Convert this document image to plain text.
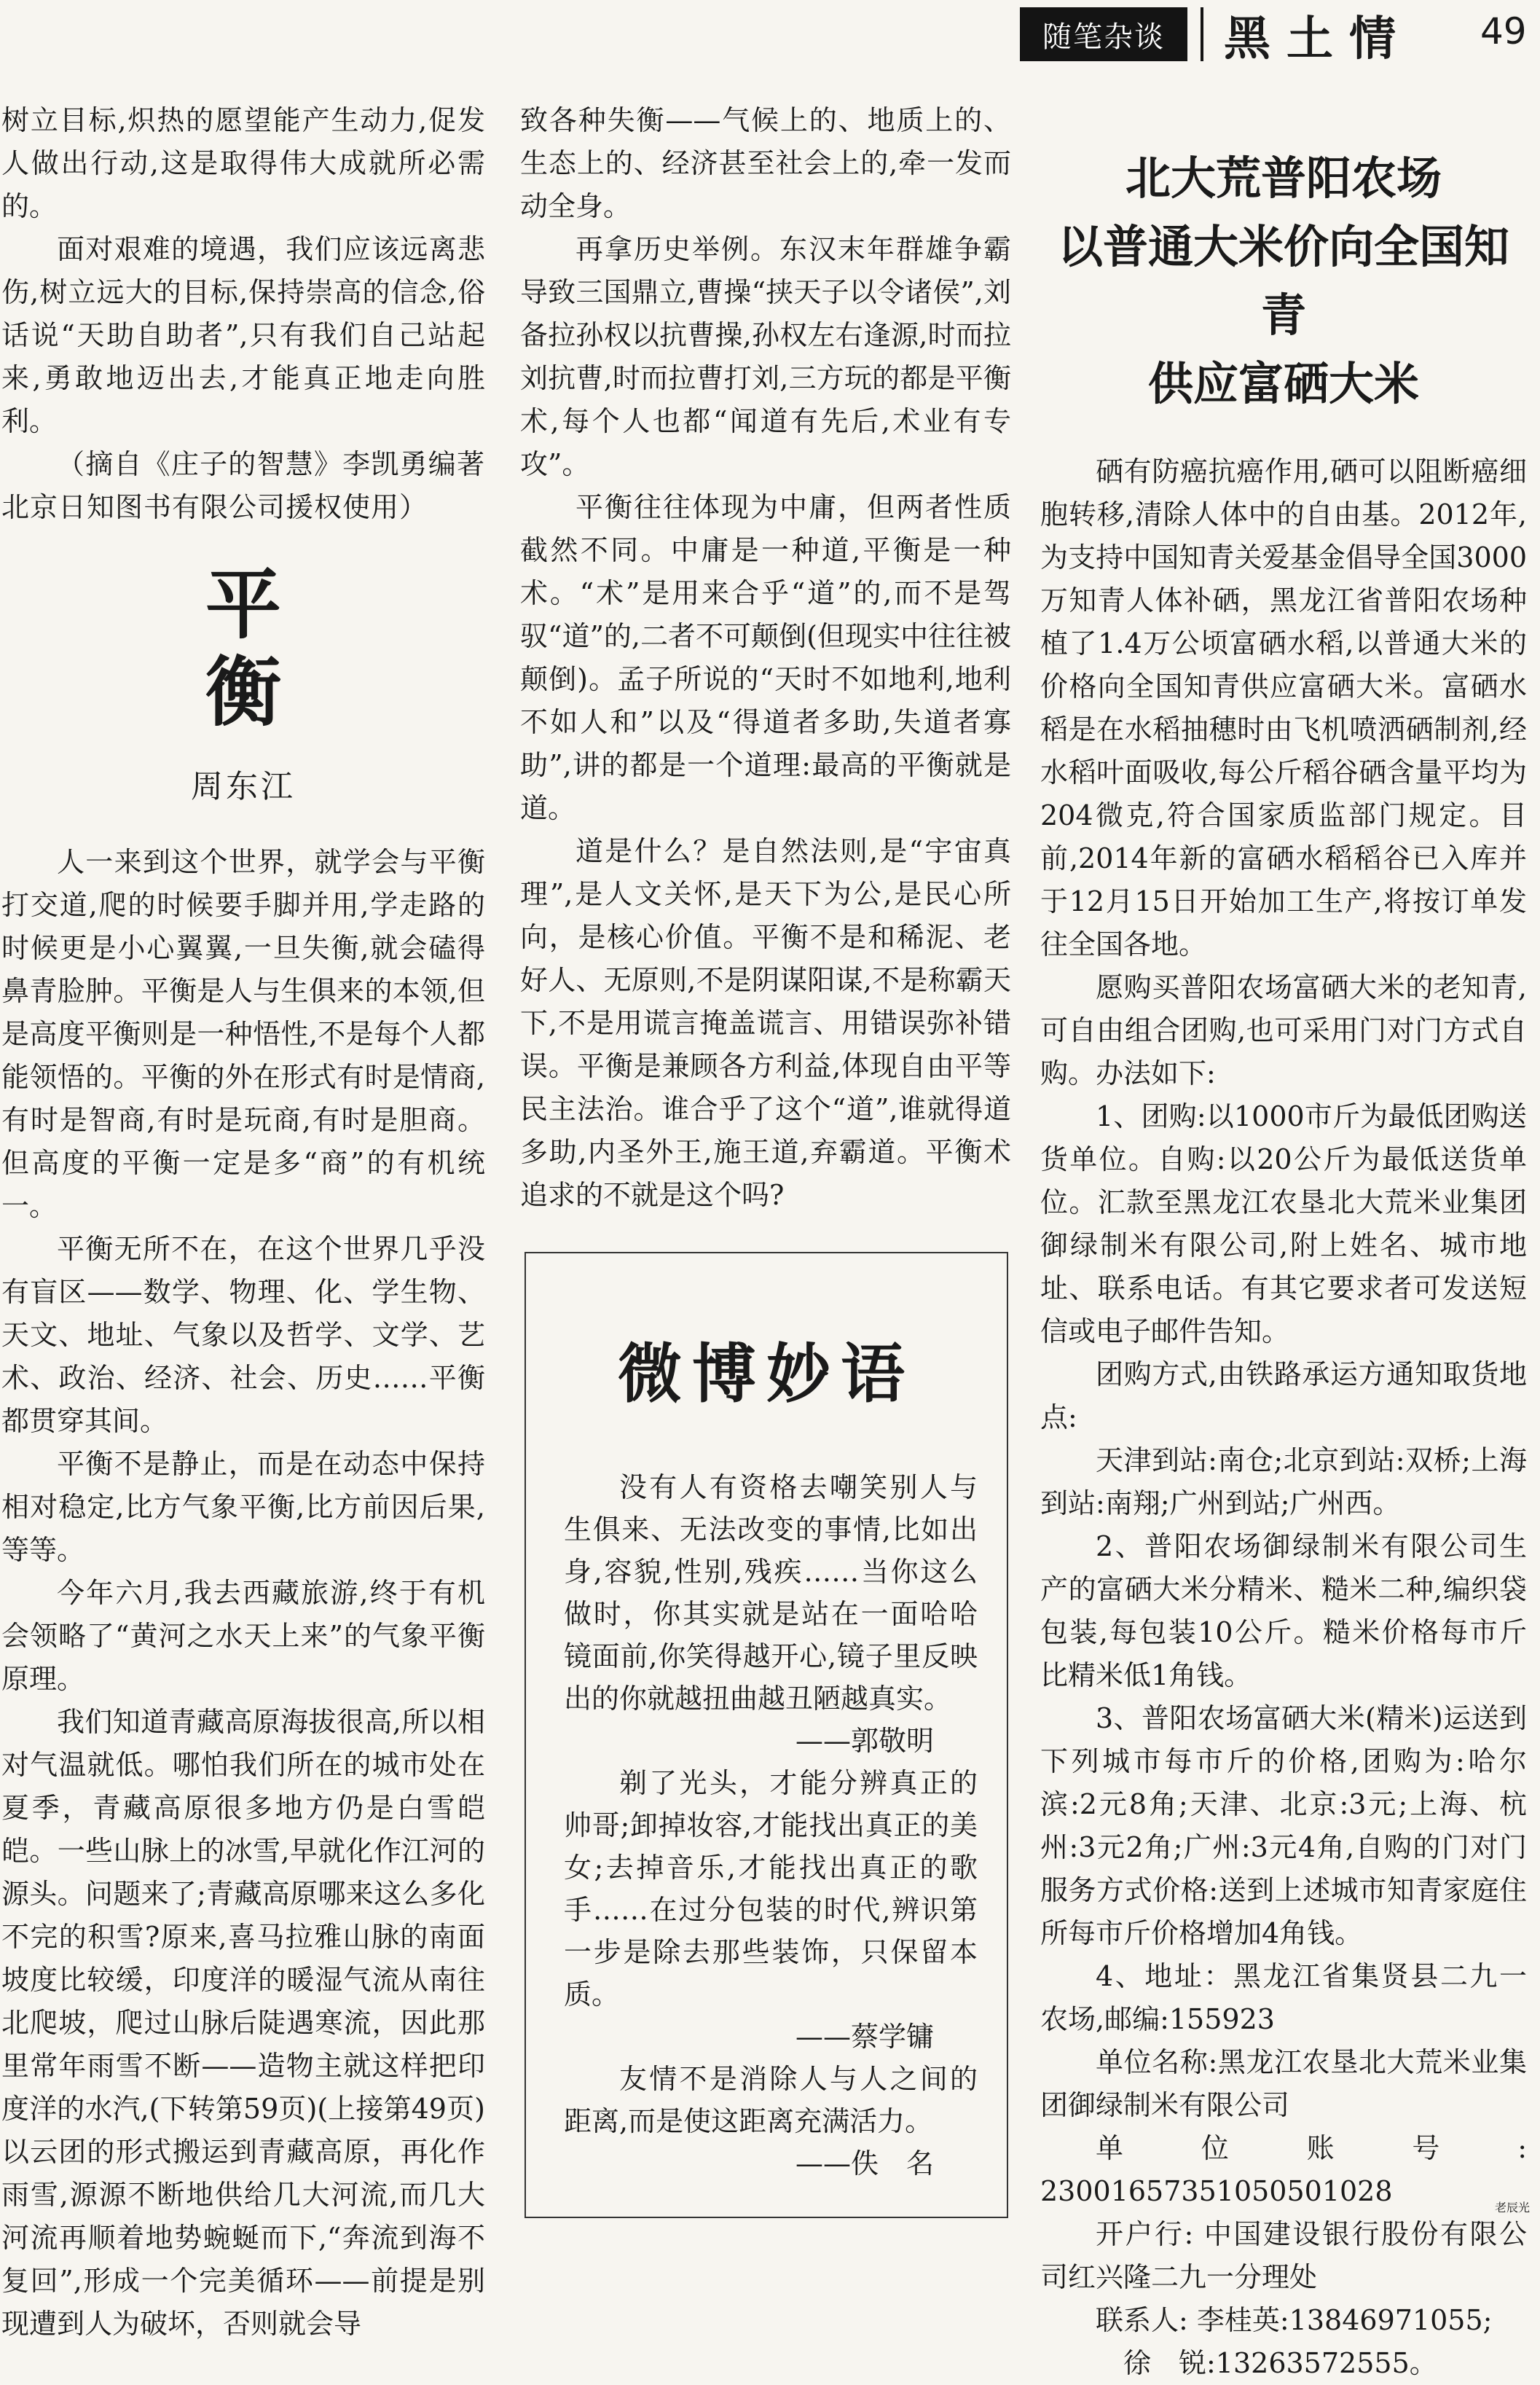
随笔杂谈	黑土情 49

树立目标,炽热的愿望能产生动力,促发人做出行动,这是取得伟大成就所必需的。

面对艰难的境遇，我们应该远离悲伤,树立远大的目标,保持崇高的信念,俗话说“天助自助者”,只有我们自己站起来,勇敢地迈出去,才能真正地走向胜利。

（摘自《庄子的智慧》李凯勇编著北京日知图书有限公司援权使用）

平衡
周东江

人一来到这个世界，就学会与平衡打交道,爬的时候要手脚并用,学走路的时候更是小心翼翼,一旦失衡,就会磕得鼻青脸肿。平衡是人与生俱来的本领,但是高度平衡则是一种悟性,不是每个人都能领悟的。平衡的外在形式有时是情商,有时是智商,有时是玩商,有时是胆商。但高度的平衡一定是多“商”的有机统一。

平衡无所不在，在这个世界几乎没有盲区——数学、物理、化、学生物、天文、地址、气象以及哲学、文学、艺术、政治、经济、社会、历史……平衡都贯穿其间。

平衡不是静止，而是在动态中保持相对稳定,比方气象平衡,比方前因后果,等等。

今年六月,我去西藏旅游,终于有机会领略了“黄河之水天上来”的气象平衡原理。

我们知道青藏高原海拔很高,所以相对气温就低。哪怕我们所在的城市处在夏季，青藏高原很多地方仍是白雪皑皑。一些山脉上的冰雪,早就化作江河的源头。问题来了;青藏高原哪来这么多化不完的积雪?原来,喜马拉雅山脉的南面坡度比较缓，印度洋的暖湿气流从南往北爬坡，爬过山脉后陡遇寒流，因此那里常年雨雪不断——造物主就这样把印度洋的水汽,(下转第59页)(上接第49页)以云团的形式搬运到青藏高原，再化作雨雪,源源不断地供给几大河流,而几大河流再顺着地势蜿蜒而下,“奔流到海不复回”,形成一个完美循环——前提是别现遭到人为破坏，否则就会导

致各种失衡——气候上的、地质上的、生态上的、经济甚至社会上的,牵一发而动全身。

再拿历史举例。东汉末年群雄争霸导致三国鼎立,曹操“挟天子以令诸侯”,刘备拉孙权以抗曹操,孙权左右逢源,时而拉刘抗曹,时而拉曹打刘,三方玩的都是平衡术,每个人也都“闻道有先后,术业有专攻”。

平衡往往体现为中庸，但两者性质截然不同。中庸是一种道,平衡是一种术。“术”是用来合乎“道”的,而不是驾驭“道”的,二者不可颠倒(但现实中往往被颠倒)。孟子所说的“天时不如地利,地利不如人和”以及“得道者多助,失道者寡助”,讲的都是一个道理:最高的平衡就是道。

道是什么？是自然法则,是“宇宙真理”,是人文关怀,是天下为公,是民心所向，是核心价值。平衡不是和稀泥、老好人、无原则,不是阴谋阳谋,不是称霸天下,不是用谎言掩盖谎言、用错误弥补错误。平衡是兼顾各方利益,体现自由平等民主法治。谁合乎了这个“道”,谁就得道多助,内圣外王,施王道,弃霸道。平衡术追求的不就是这个吗?

微博妙语

没有人有资格去嘲笑别人与生俱来、无法改变的事情,比如出身,容貌,性别,残疾……当你这么做时，你其实就是站在一面哈哈镜面前,你笑得越开心,镜子里反映出的你就越扭曲越丑陋越真实。

——郭敬明

剃了光头，才能分辨真正的帅哥;卸掉妆容,才能找出真正的美女;去掉音乐,才能找出真正的歌手……在过分包装的时代,辨识第一步是除去那些装饰，只保留本质。

——蔡学镛

友情不是消除人与人之间的距离,而是使这距离充满活力。

——佚　名

北大荒普阳农场
以普通大米价向全国知青
供应富硒大米

硒有防癌抗癌作用,硒可以阻断癌细胞转移,清除人体中的自由基。2012年,为支持中国知青关爱基金倡导全国3000万知青人体补硒，黑龙江省普阳农场种植了1.4万公顷富硒水稻,以普通大米的价格向全国知青供应富硒大米。富硒水稻是在水稻抽穗时由飞机喷洒硒制剂,经水稻叶面吸收,每公斤稻谷硒含量平均为204微克,符合国家质监部门规定。目前,2014年新的富硒水稻稻谷已入库并于12月15日开始加工生产,将按订单发往全国各地。

愿购买普阳农场富硒大米的老知青,可自由组合团购,也可采用门对门方式自购。办法如下:

1、团购:以1000市斤为最低团购送货单位。自购:以20公斤为最低送货单位。汇款至黑龙江农垦北大荒米业集团御绿制米有限公司,附上姓名、城市地址、联系电话。有其它要求者可发送短信或电子邮件告知。

团购方式,由铁路承运方通知取货地点:

天津到站:南仓;北京到站:双桥;上海到站:南翔;广州到站;广州西。

2、普阳农场御绿制米有限公司生产的富硒大米分精米、糙米二种,编织袋包装,每包装10公斤。糙米价格每市斤比精米低1角钱。

3、普阳农场富硒大米(精米)运送到下列城市每市斤的价格,团购为:哈尔滨:2元8角;天津、北京:3元;上海、杭州:3元2角;广州:3元4角,自购的门对门服务方式价格:送到上述城市知青家庭住所每市斤价格增加4角钱。

4、地址：黑龙江省集贤县二九一农场,邮编:155923

单位名称:黑龙江农垦北大荒米业集团御绿制米有限公司

单位账号: 23001657351050501028

开户行: 中国建设银行股份有限公司红兴隆二九一分理处

联系人: 李桂英:13846971055;

徐　锐:13263572555。

老辰光
